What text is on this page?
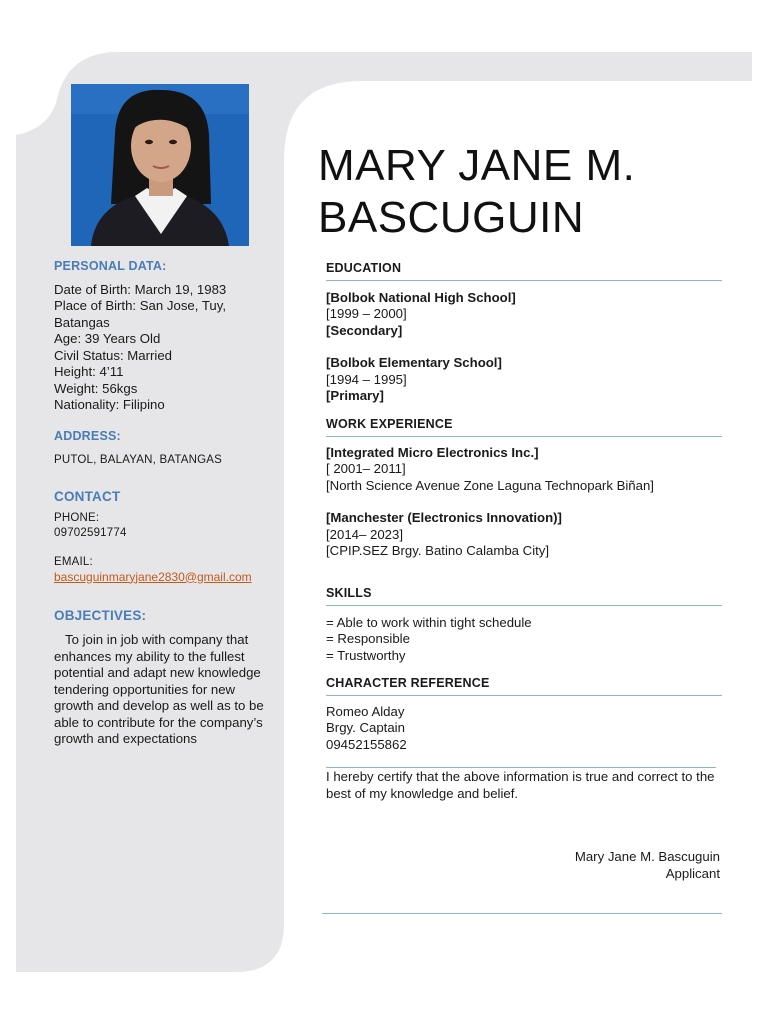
PERSONAL DATA:
Date of Birth: March 19, 1983
Place of Birth: San Jose, Tuy, Batangas
Age: 39 Years Old
Civil Status: Married
Height: 4’11
Weight: 56kgs
Nationality: Filipino
ADDRESS:
PUTOL, BALAYAN, BATANGAS
CONTACT
PHONE:
09702591774
EMAIL:
bascuguinmaryjane2830@gmail.com
OBJECTIVES:
To join in job with company that enhances my ability to the fullest potential and adapt new knowledge tendering opportunities for new growth and develop as well as to be able to contribute for the company’s growth and expectations
MARY JANE M.
BASCUGUIN
EDUCATION
[Bolbok National High School]
[1999 – 2000]
[Secondary]
[Bolbok Elementary School]
[1994 – 1995]
[Primary]
WORK EXPERIENCE
[Integrated Micro Electronics Inc.]
[ 2001– 2011]
[North Science Avenue Zone Laguna Technopark Biñan]
[Manchester (Electronics Innovation)]
[2014– 2023]
[CPIP.SEZ Brgy. Batino Calamba City]
SKILLS
= Able to work within tight schedule
= Responsible
= Trustworthy
CHARACTER REFERENCE
Romeo Alday
Brgy. Captain
09452155862
I hereby certify that the above information is true and correct to the best of my knowledge and belief.
Mary Jane M. Bascuguin
Applicant
